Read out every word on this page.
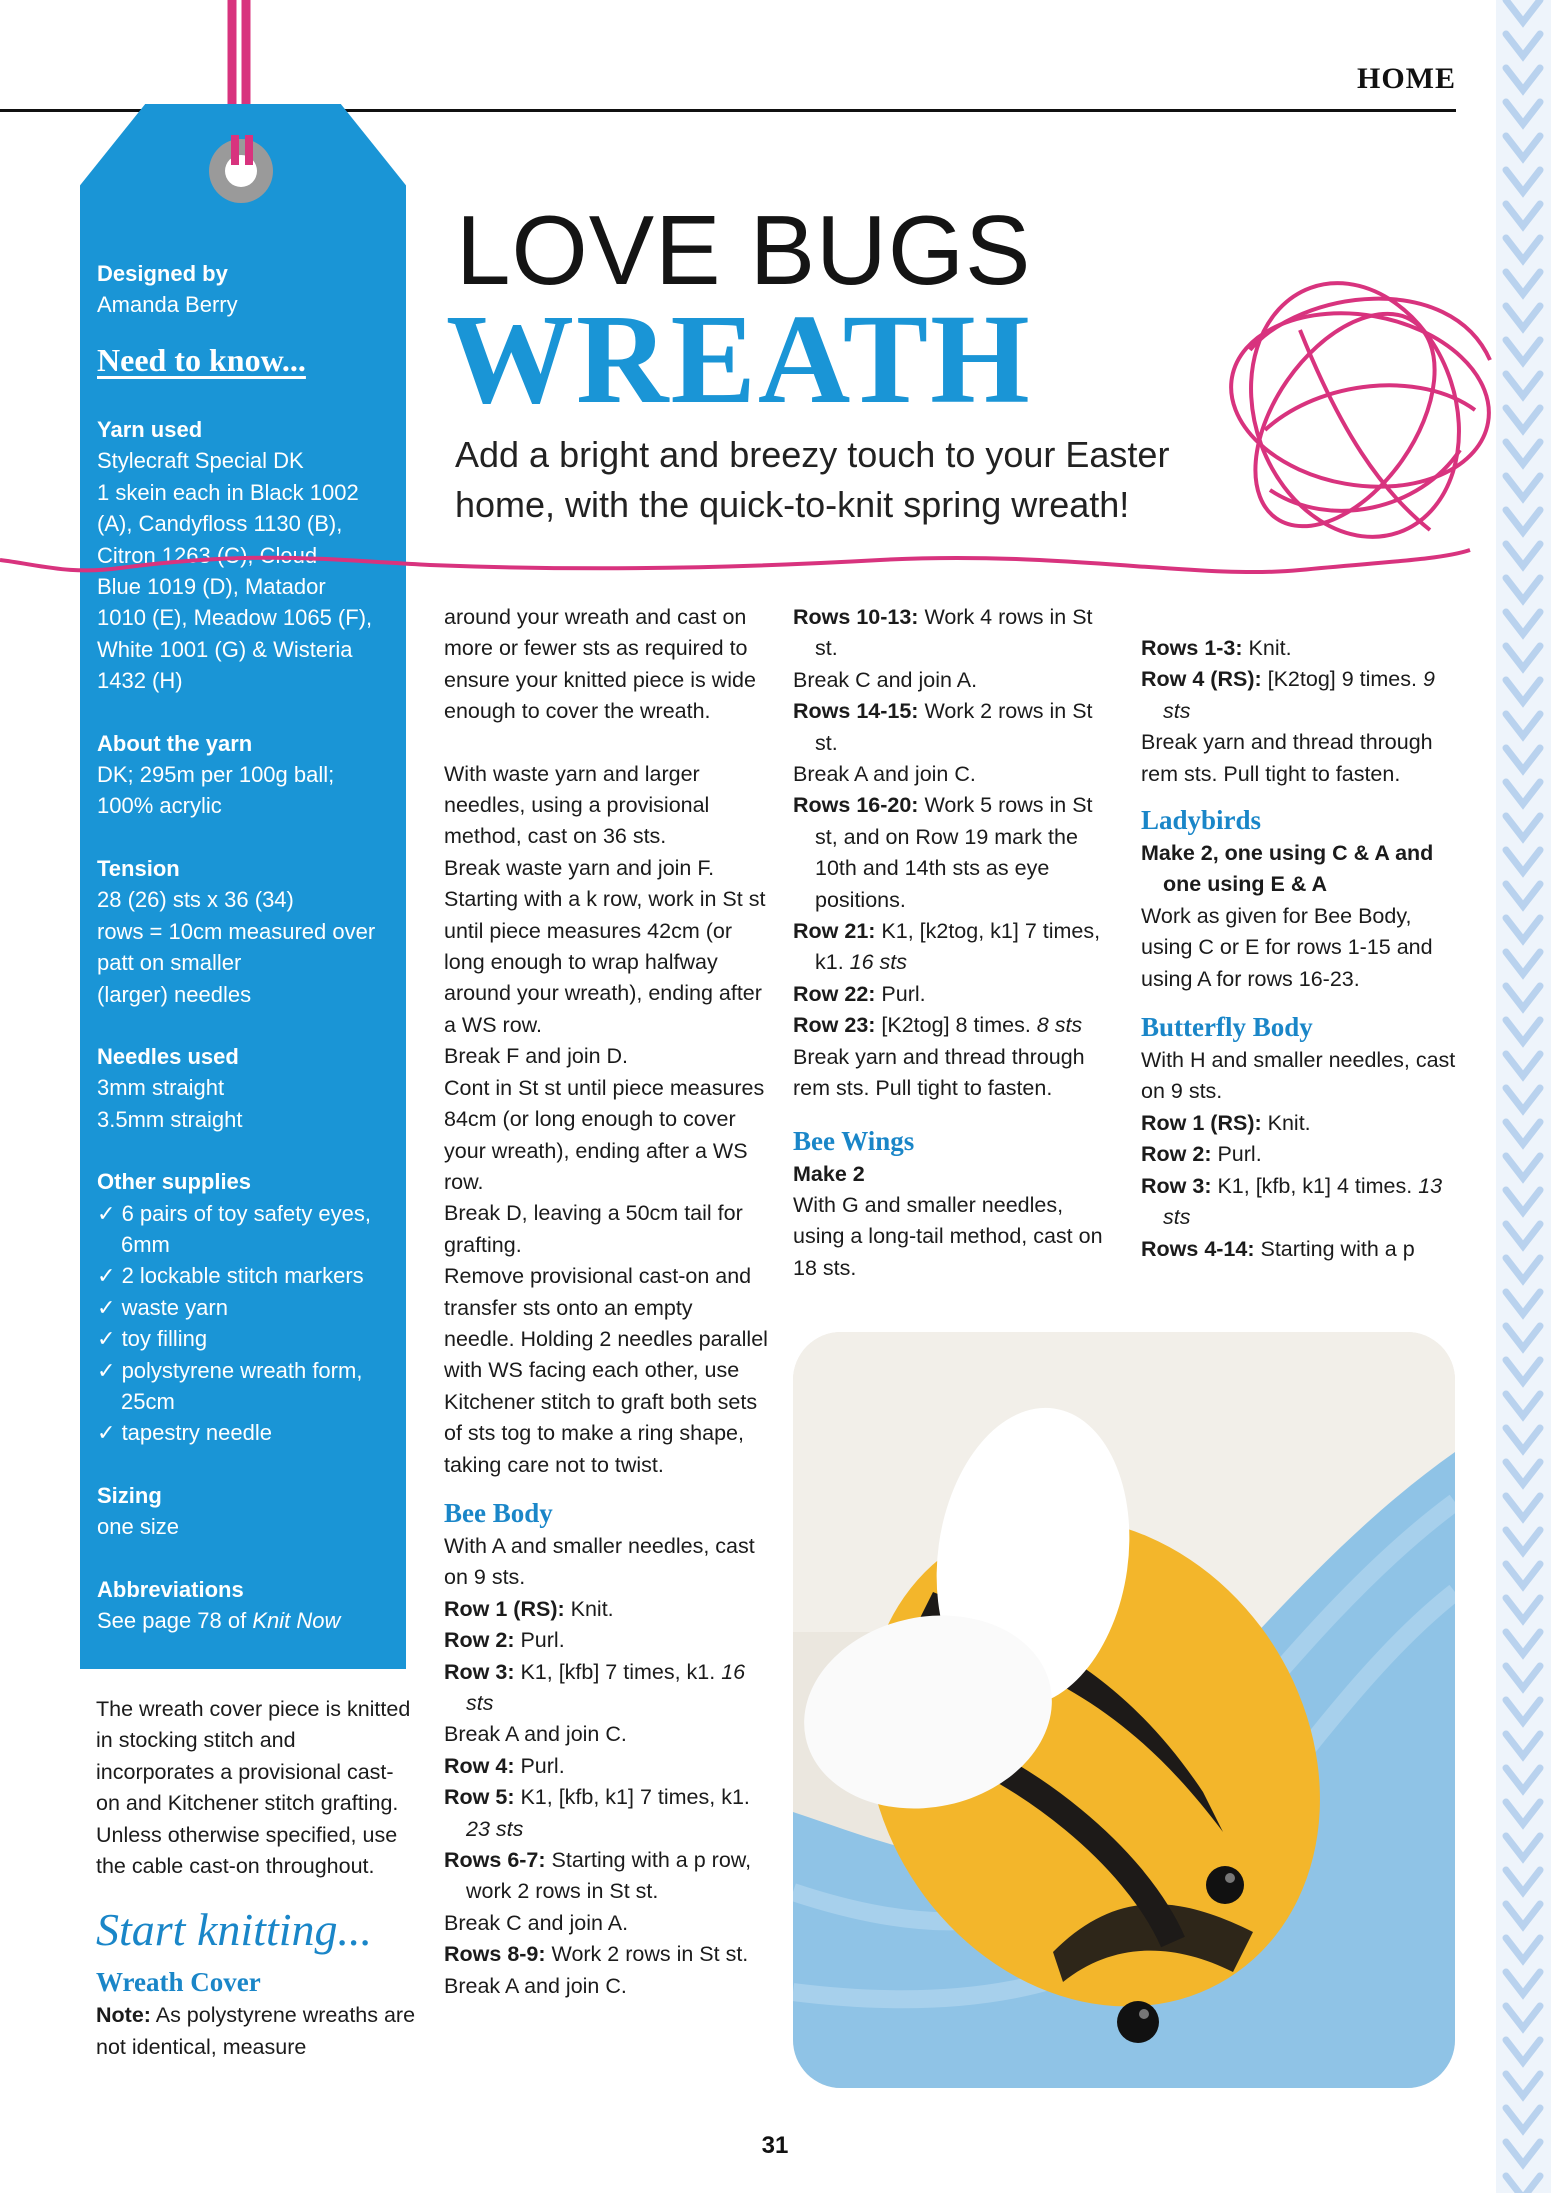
HOME
Designed by
Amanda Berry
Need to know...
Yarn used
Stylecraft Special DK
1 skein each in Black 1002
(A), Candyfloss 1130 (B),
Citron 1263 (C), Cloud
Blue 1019 (D), Matador
1010 (E), Meadow 1065 (F),
White 1001 (G) & Wisteria
1432 (H)
About the yarn
DK; 295m per 100g ball;
100% acrylic
Tension
28 (26) sts x 36 (34)
rows = 10cm measured over
patt on smaller
(larger) needles
Needles used
3mm straight
3.5mm straight
Other supplies
✓ 6 pairs of toy safety eyes, 6mm
✓ 2 lockable stitch markers
✓ waste yarn
✓ toy filling
✓ polystyrene wreath form, 25cm
✓ tapestry needle
Sizing
one size
Abbreviations
See page 78 of Knit Now

The wreath cover piece is knitted in stocking stitch and incorporates a provisional cast-on and Kitchener stitch grafting. Unless otherwise specified, use the cable cast-on throughout.

Start knitting...
Wreath Cover

Note: As polystyrene wreaths are not identical, measure

LOVE BUGS
WREATH
Add a bright and breezy touch to your Easter home, with the quick-to-knit spring wreath!

around your wreath and cast on more or fewer sts as required to ensure your knitted piece is wide enough to cover the wreath.

With waste yarn and larger needles, using a provisional method, cast on 36 sts.

Break waste yarn and join F.

Starting with a k row, work in St st until piece measures 42cm (or long enough to wrap halfway around your wreath), ending after a WS row.

Break F and join D.

Cont in St st until piece measures 84cm (or long enough to cover your wreath), ending after a WS row.

Break D, leaving a 50cm tail for grafting.

Remove provisional cast-on and transfer sts onto an empty needle. Holding 2 needles parallel with WS facing each other, use Kitchener stitch to graft both sets of sts tog to make a ring shape, taking care not to twist.

Bee Body

With A and smaller needles, cast on 9 sts.

Row 1 (RS): Knit.

Row 2: Purl.

Row 3: K1, [kfb] 7 times, k1. 16 sts

Break A and join C.

Row 4: Purl.

Row 5: K1, [kfb, k1] 7 times, k1. 23 sts

Rows 6-7: Starting with a p row, work 2 rows in St st.

Break C and join A.

Rows 8-9: Work 2 rows in St st.

Break A and join C.

Rows 10-13: Work 4 rows in St st.

Break C and join A.

Rows 14-15: Work 2 rows in St st.

Break A and join C.

Rows 16-20: Work 5 rows in St st, and on Row 19 mark the 10th and 14th sts as eye positions.

Row 21: K1, [k2tog, k1] 7 times, k1. 16 sts

Row 22: Purl.

Row 23: [K2tog] 8 times. 8 sts

Break yarn and thread through rem sts. Pull tight to fasten.

Bee Wings

Make 2

With G and smaller needles, using a long-tail method, cast on 18 sts.

Rows 1-3: Knit.

Row 4 (RS): [K2tog] 9 times. 9 sts

Break yarn and thread through rem sts. Pull tight to fasten.

Ladybirds

Make 2, one using C & A and one using E & A

Work as given for Bee Body, using C or E for rows 1-15 and using A for rows 16-23.

Butterfly Body

With H and smaller needles, cast on 9 sts.

Row 1 (RS): Knit.

Row 2: Purl.

Row 3: K1, [kfb, k1] 4 times. 13 sts

Rows 4-14: Starting with a p

31
